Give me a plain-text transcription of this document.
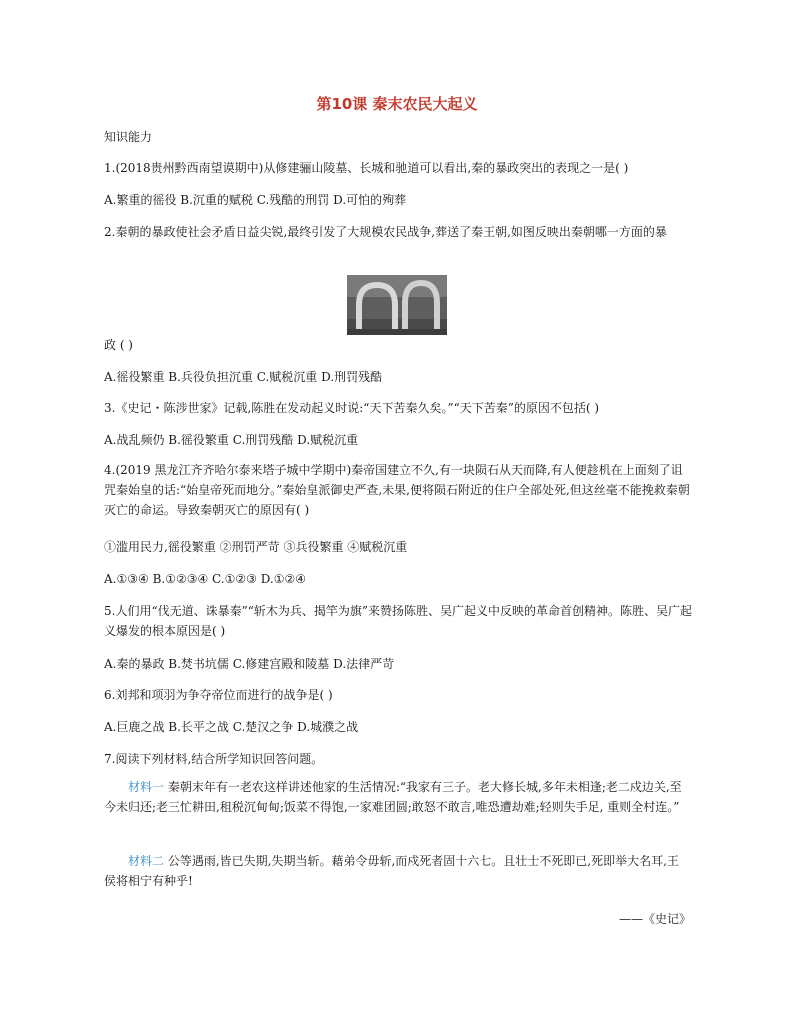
第10课 秦末农民大起义
知识能力
1.(2018贵州黔西南望谟期中)从修建骊山陵墓、长城和驰道可以看出,秦的暴政突出的表现之一是( )
A.繁重的徭役 B.沉重的赋税 C.残酷的刑罚 D.可怕的殉葬
2.秦朝的暴政使社会矛盾日益尖锐,最终引发了大规模农民战争,葬送了秦王朝,如图反映出秦朝哪一方面的暴
政 ( )
A.徭役繁重 B.兵役负担沉重 C.赋税沉重 D.刑罚残酷
3.《史记・陈涉世家》记载,陈胜在发动起义时说:“天下苦秦久矣。”“天下苦秦”的原因不包括( )
A.战乱频仍 B.徭役繁重 C.刑罚残酷 D.赋税沉重
4.(2019 黑龙江齐齐哈尔泰来塔子城中学期中)秦帝国建立不久,有一块陨石从天而降,有人便趁机在上面刻了诅咒秦始皇的话:“始皇帝死而地分。”秦始皇派御史严查,未果,便将陨石附近的住户全部处死,但这丝毫不能挽救秦朝灭亡的命运。导致秦朝灭亡的原因有( )
①滥用民力,徭役繁重 ②刑罚严苛 ③兵役繁重 ④赋税沉重
A.①③④ B.①②③④ C.①②③ D.①②④
5.人们用“伐无道、诛暴秦”“斩木为兵、揭竿为旗”来赞扬陈胜、吴广起义中反映的革命首创精神。陈胜、吴广起义爆发的根本原因是( )
A.秦的暴政 B.焚书坑儒 C.修建宫殿和陵墓 D.法律严苛
6.刘邦和项羽为争夺帝位而进行的战争是( )
A.巨鹿之战 B.长平之战 C.楚汉之争 D.城濮之战
7.阅读下列材料,结合所学知识回答问题。
材料一 秦朝末年有一老农这样讲述他家的生活情况:“我家有三子。老大修长城,多年未相逢;老二戍边关,至今未归还;老三忙耕田,租税沉甸甸;饭菜不得饱,一家难团圆;敢怒不敢言,唯恐遭劫难;轻则失手足, 重则全村连。”
材料二 公等遇雨,皆已失期,失期当斩。藉弟令毋斩,而戍死者固十六七。且壮士不死即已,死即举大名耳,王侯将相宁有种乎!
——《史记》
